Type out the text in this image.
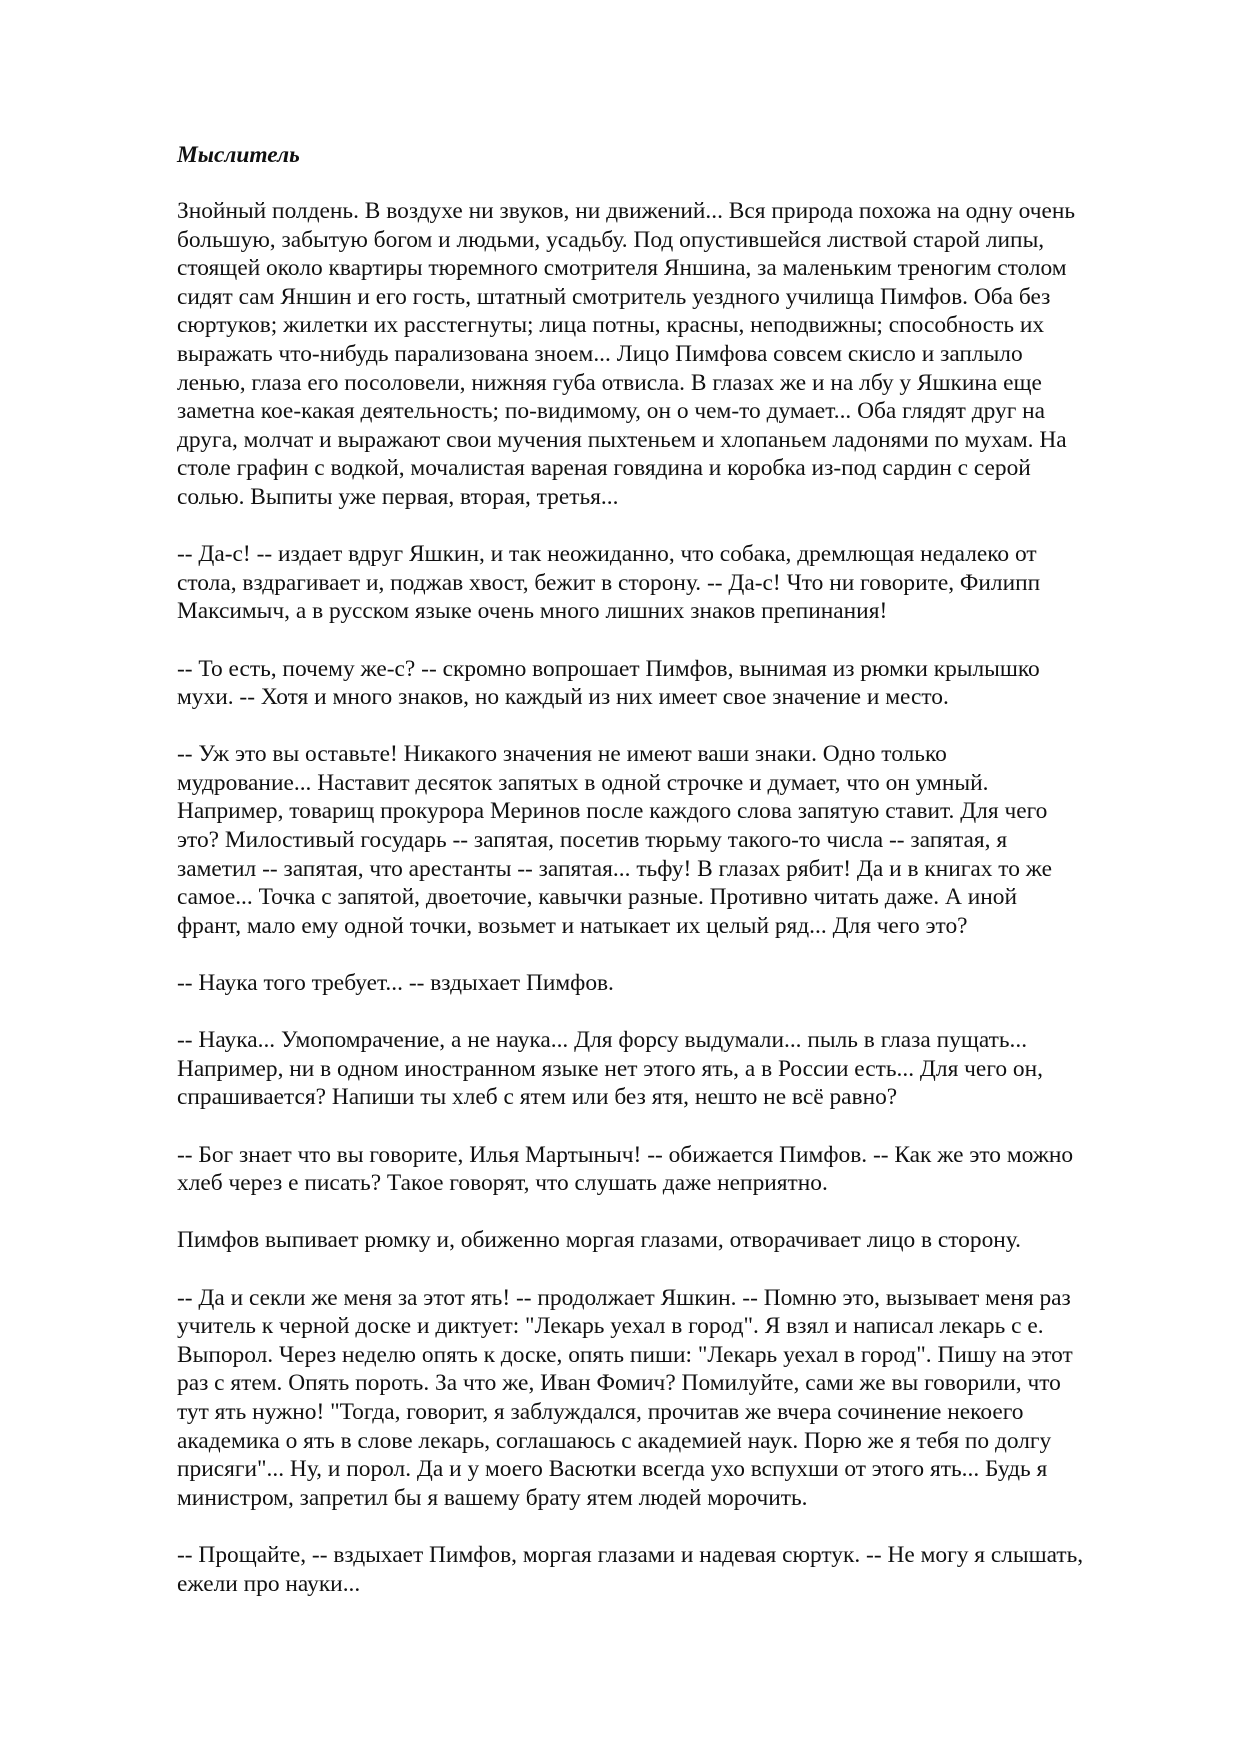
Мыслитель
Знойный полдень. В воздухе ни звуков, ни движений... Вся природа похожа на одну очень
большую, забытую богом и людьми, усадьбу. Под опустившейся листвой старой липы,
стоящей около квартиры тюремного смотрителя Яншина, за маленьким треногим столом
сидят сам Яншин и его гость, штатный смотритель уездного училища Пимфов. Оба без
сюртуков; жилетки их расстегнуты; лица потны, красны, неподвижны; способность их
выражать что-нибудь парализована зноем... Лицо Пимфова совсем скисло и заплыло
ленью, глаза его посоловели, нижняя губа отвисла. В глазах же и на лбу у Яшкина еще
заметна кое-какая деятельность; по-видимому, он о чем-то думает... Оба глядят друг на
друга, молчат и выражают свои мучения пыхтеньем и хлопаньем ладонями по мухам. На
столе графин с водкой, мочалистая вареная говядина и коробка из-под сардин с серой
солью. Выпиты уже первая, вторая, третья...
-- Да-с! -- издает вдруг Яшкин, и так неожиданно, что собака, дремлющая недалеко от
стола, вздрагивает и, поджав хвост, бежит в сторону. -- Да-с! Что ни говорите, Филипп
Максимыч, а в русском языке очень много лишних знаков препинания!
-- То есть, почему же-с? -- скромно вопрошает Пимфов, вынимая из рюмки крылышко
мухи. -- Хотя и много знаков, но каждый из них имеет свое значение и место.
-- Уж это вы оставьте! Никакого значения не имеют ваши знаки. Одно только
мудрование... Наставит десяток запятых в одной строчке и думает, что он умный.
Например, товарищ прокурора Меринов после каждого слова запятую ставит. Для чего
это? Милостивый государь -- запятая, посетив тюрьму такого-то числа -- запятая, я
заметил -- запятая, что арестанты -- запятая... тьфу! В глазах рябит! Да и в книгах то же
самое... Точка с запятой, двоеточие, кавычки разные. Противно читать даже. А иной
франт, мало ему одной точки, возьмет и натыкает их целый ряд... Для чего это?
-- Наука того требует... -- вздыхает Пимфов.
-- Наука... Умопомрачение, а не наука... Для форсу выдумали... пыль в глаза пущать...
Например, ни в одном иностранном языке нет этого ять, а в России есть... Для чего он,
спрашивается? Напиши ты хлеб с ятем или без ятя, нешто не всё равно?
-- Бог знает что вы говорите, Илья Мартыныч! -- обижается Пимфов. -- Как же это можно
хлеб через е писать? Такое говорят, что слушать даже неприятно.
Пимфов выпивает рюмку и, обиженно моргая глазами, отворачивает лицо в сторону.
-- Да и секли же меня за этот ять! -- продолжает Яшкин. -- Помню это, вызывает меня раз
учитель к черной доске и диктует: "Лекарь уехал в город". Я взял и написал лекарь с е.
Выпорол. Через неделю опять к доске, опять пиши: "Лекарь уехал в город". Пишу на этот
раз с ятем. Опять пороть. За что же, Иван Фомич? Помилуйте, сами же вы говорили, что
тут ять нужно! "Тогда, говорит, я заблуждался, прочитав же вчера сочинение некоего
академика о ять в слове лекарь, соглашаюсь с академией наук. Порю же я тебя по долгу
присяги"... Ну, и порол. Да и у моего Васютки всегда ухо вспухши от этого ять... Будь я
министром, запретил бы я вашему брату ятем людей морочить.
-- Прощайте, -- вздыхает Пимфов, моргая глазами и надевая сюртук. -- Не могу я слышать,
ежели про науки...
